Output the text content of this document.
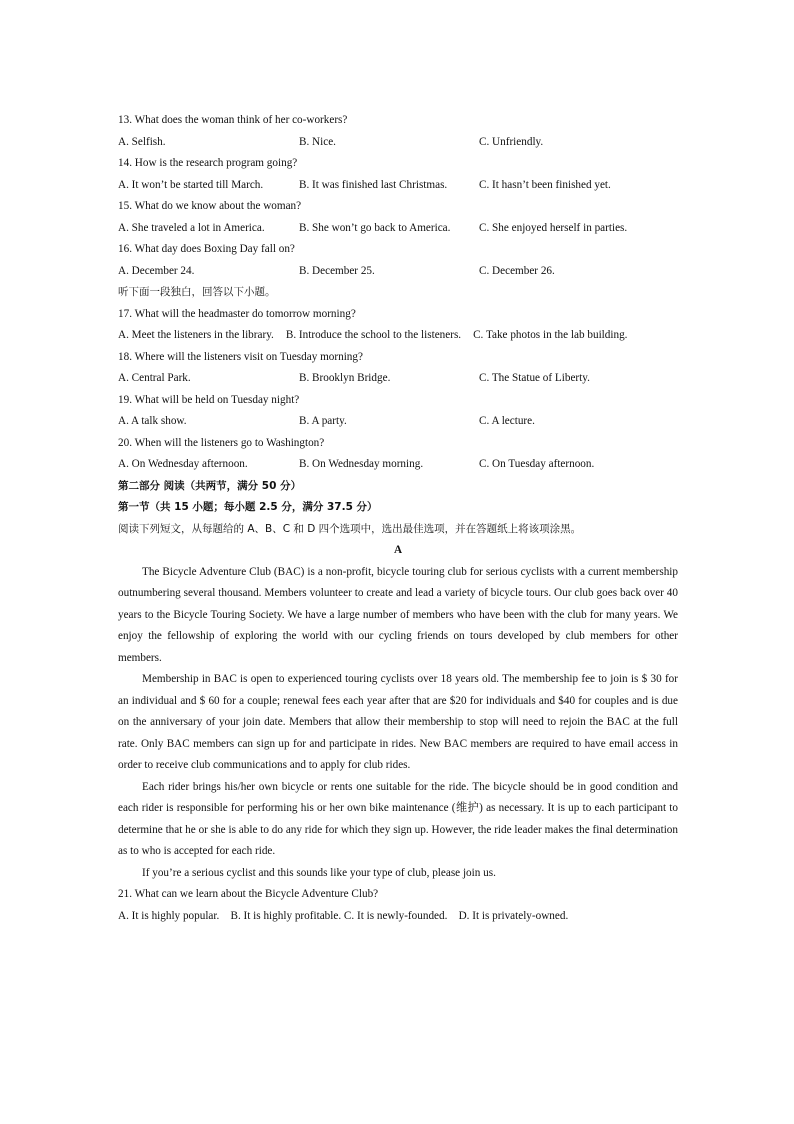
13. What does the woman think of her co-workers?
A. Selfish.	B. Nice.	C. Unfriendly.
14. How is the research program going?
A. It won’t be started till March.	B. It was finished last Christmas.	C. It hasn’t been finished yet.
15. What do we know about the woman?
A. She traveled a lot in America.	B. She won’t go back to America.	C. She enjoyed herself in parties.
16. What day does Boxing Day fall on?
A. December 24.	B. December 25.	C. December 26.
听下面一段独白，回答以下小题。
17. What will the headmaster do tomorrow morning?
A. Meet the listeners in the library. B. Introduce the school to the listeners. C. Take photos in the lab building.
18. Where will the listeners visit on Tuesday morning?
A. Central Park.	B. Brooklyn Bridge.	C. The Statue of Liberty.
19. What will be held on Tuesday night?
A. A talk show.	B. A party.	C. A lecture.
20. When will the listeners go to Washington?
A. On Wednesday afternoon.	B. On Wednesday morning.	C. On Tuesday afternoon.
第二部分 阅读（共两节，满分 50 分）
第一节（共 15 小题；每小题 2.5 分，满分 37.5 分）
阅读下列短文，从每题给的 A、B、C 和 D 四个选项中，选出最佳选项，并在答题纸上将该项涂黑。
A
The Bicycle Adventure Club (BAC) is a non-profit, bicycle touring club for serious cyclists with a current membership outnumbering several thousand. Members volunteer to create and lead a variety of bicycle tours. Our club goes back over 40 years to the Bicycle Touring Society. We have a large number of members who have been with the club for many years. We enjoy the fellowship of exploring the world with our cycling friends on tours developed by club members for other members.
Membership in BAC is open to experienced touring cyclists over 18 years old. The membership fee to join is $ 30 for an individual and $ 60 for a couple; renewal fees each year after that are $20 for individuals and $40 for couples and is due on the anniversary of your join date. Members that allow their membership to stop will need to rejoin the BAC at the full rate. Only BAC members can sign up for and participate in rides. New BAC members are required to have email access in order to receive club communications and to apply for club rides.
Each rider brings his/her own bicycle or rents one suitable for the ride. The bicycle should be in good condition and each rider is responsible for performing his or her own bike maintenance (维护) as necessary. It is up to each participant to determine that he or she is able to do any ride for which they sign up. However, the ride leader makes the final determination as to who is accepted for each ride.
If you’re a serious cyclist and this sounds like your type of club, please join us.
21. What can we learn about the Bicycle Adventure Club?
A. It is highly popular. B. It is highly profitable. C. It is newly-founded. D. It is privately-owned.
